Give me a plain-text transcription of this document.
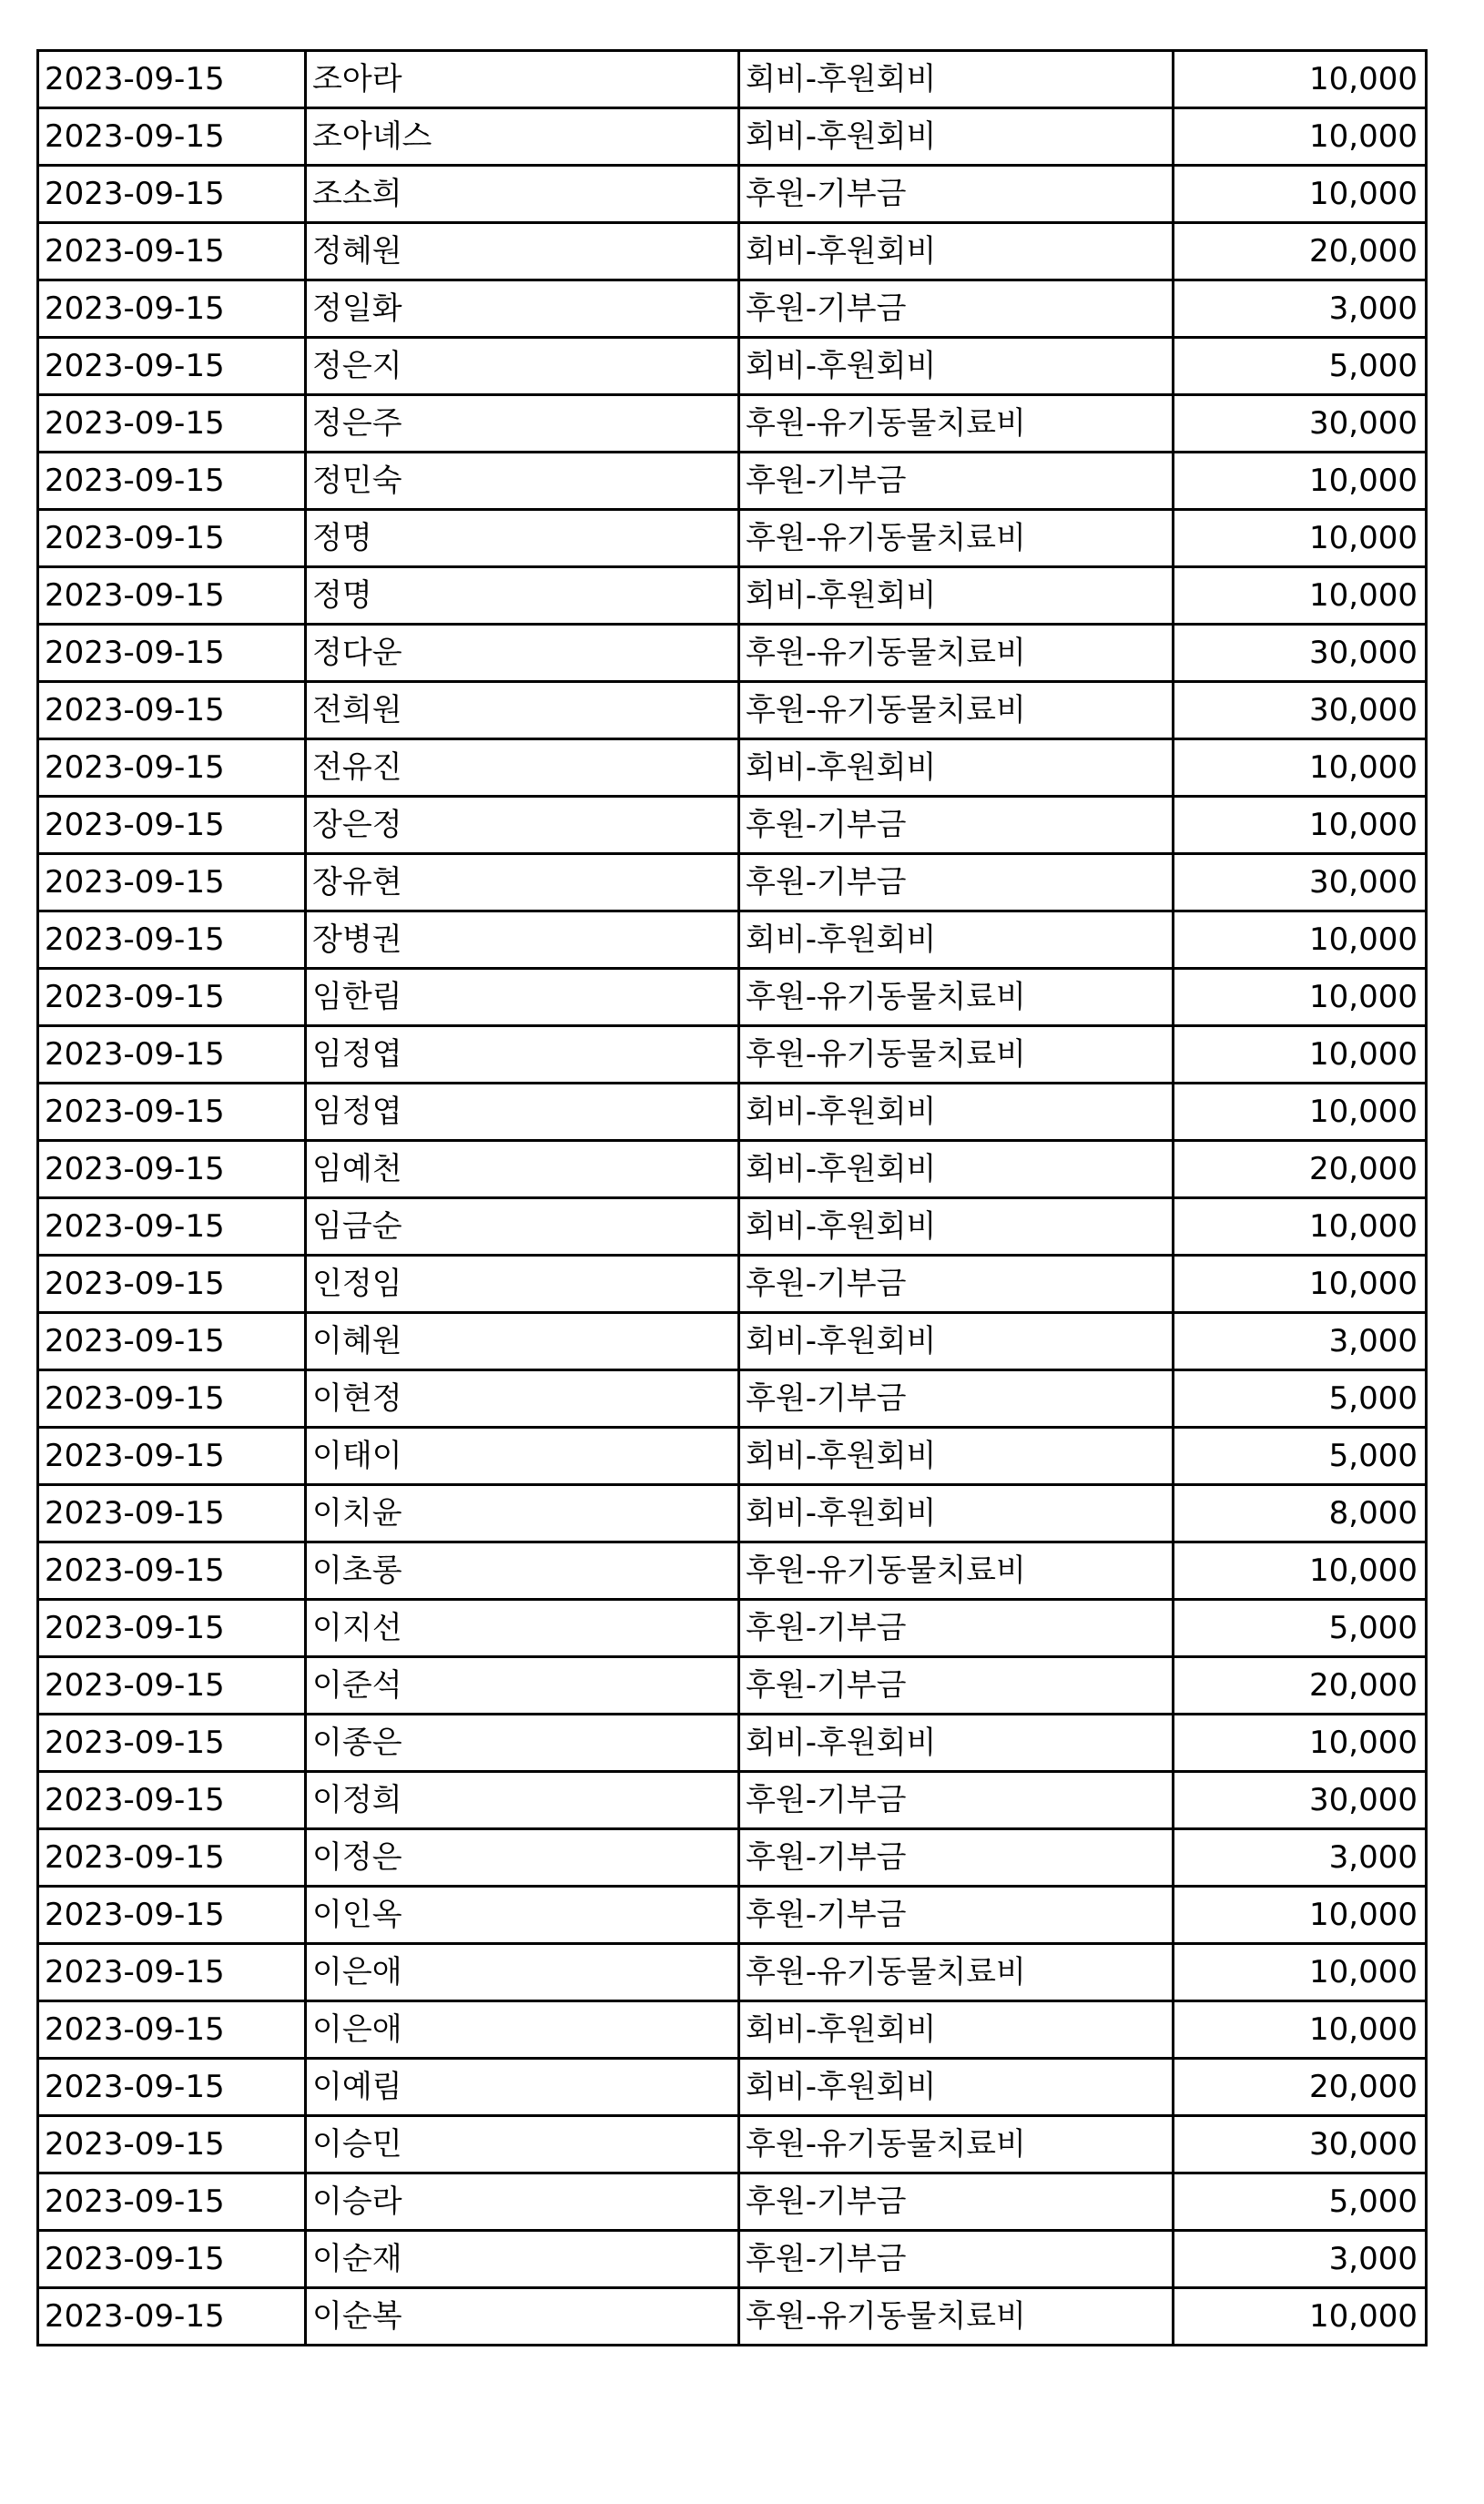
2023-09-15	조아라	회비-후원회비	10,000
2023-09-15	조아녜스	회비-후원회비	10,000
2023-09-15	조소희	후원-기부금	10,000
2023-09-15	정혜원	회비-후원회비	20,000
2023-09-15	정일화	후원-기부금	3,000
2023-09-15	정은지	회비-후원회비	5,000
2023-09-15	정은주	후원-유기동물치료비	30,000
2023-09-15	정민숙	후원-기부금	10,000
2023-09-15	정명	후원-유기동물치료비	10,000
2023-09-15	정명	회비-후원회비	10,000
2023-09-15	정다운	후원-유기동물치료비	30,000
2023-09-15	전희원	후원-유기동물치료비	30,000
2023-09-15	전유진	회비-후원회비	10,000
2023-09-15	장은정	후원-기부금	10,000
2023-09-15	장유현	후원-기부금	30,000
2023-09-15	장병권	회비-후원회비	10,000
2023-09-15	임한림	후원-유기동물치료비	10,000
2023-09-15	임정엽	후원-유기동물치료비	10,000
2023-09-15	임정엽	회비-후원회비	10,000
2023-09-15	임예천	회비-후원회비	20,000
2023-09-15	임금순	회비-후원회비	10,000
2023-09-15	인정임	후원-기부금	10,000
2023-09-15	이혜원	회비-후원회비	3,000
2023-09-15	이현정	후원-기부금	5,000
2023-09-15	이태이	회비-후원회비	5,000
2023-09-15	이치윤	회비-후원회비	8,000
2023-09-15	이초롱	후원-유기동물치료비	10,000
2023-09-15	이지선	후원-기부금	5,000
2023-09-15	이준석	후원-기부금	20,000
2023-09-15	이종은	회비-후원회비	10,000
2023-09-15	이정희	후원-기부금	30,000
2023-09-15	이정은	후원-기부금	3,000
2023-09-15	이인옥	후원-기부금	10,000
2023-09-15	이은애	후원-유기동물치료비	10,000
2023-09-15	이은애	회비-후원회비	10,000
2023-09-15	이예림	회비-후원회비	20,000
2023-09-15	이승민	후원-유기동물치료비	30,000
2023-09-15	이승라	후원-기부금	5,000
2023-09-15	이순재	후원-기부금	3,000
2023-09-15	이순복	후원-유기동물치료비	10,000
